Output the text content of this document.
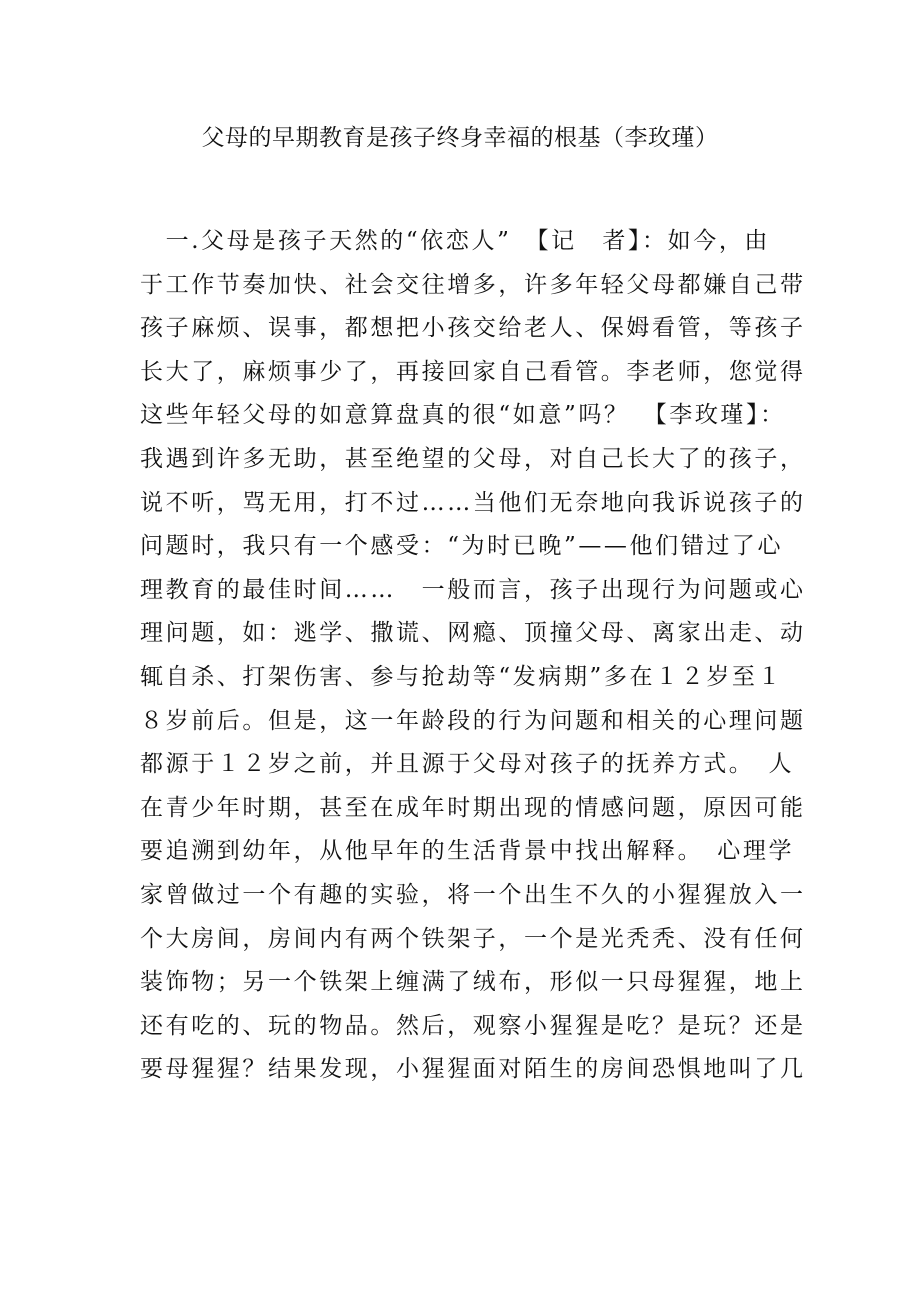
父母的早期教育是孩子终身幸福的根基（李玫瑾）
　一.父母是孩子天然的“依恋人”　【记　者】：如今，由
于工作节奏加快、社会交往增多，许多年轻父母都嫌自己带
孩子麻烦、误事，都想把小孩交给老人、保姆看管，等孩子
长大了，麻烦事少了，再接回家自己看管。李老师，您觉得
这些年轻父母的如意算盘真的很“如意”吗？　【李玫瑾】：
我遇到许多无助，甚至绝望的父母，对自己长大了的孩子，
说不听，骂无用，打不过……当他们无奈地向我诉说孩子的
问题时，我只有一个感受：“为时已晚”——他们错过了心
理教育的最佳时间……　一般而言，孩子出现行为问题或心
理问题，如：逃学、撒谎、网瘾、顶撞父母、离家出走、动
辄自杀、打架伤害、参与抢劫等“发病期”多在１２岁至１
８岁前后。但是，这一年龄段的行为问题和相关的心理问题
都源于１２岁之前，并且源于父母对孩子的抚养方式。　人
在青少年时期，甚至在成年时期出现的情感问题，原因可能
要追溯到幼年，从他早年的生活背景中找出解释。　心理学
家曾做过一个有趣的实验，将一个出生不久的小猩猩放入一
个大房间，房间内有两个铁架子，一个是光秃秃、没有任何
装饰物；另一个铁架上缠满了绒布，形似一只母猩猩，地上
还有吃的、玩的物品。然后，观察小猩猩是吃？是玩？还是
要母猩猩？结果发现，小猩猩面对陌生的房间恐惧地叫了几
